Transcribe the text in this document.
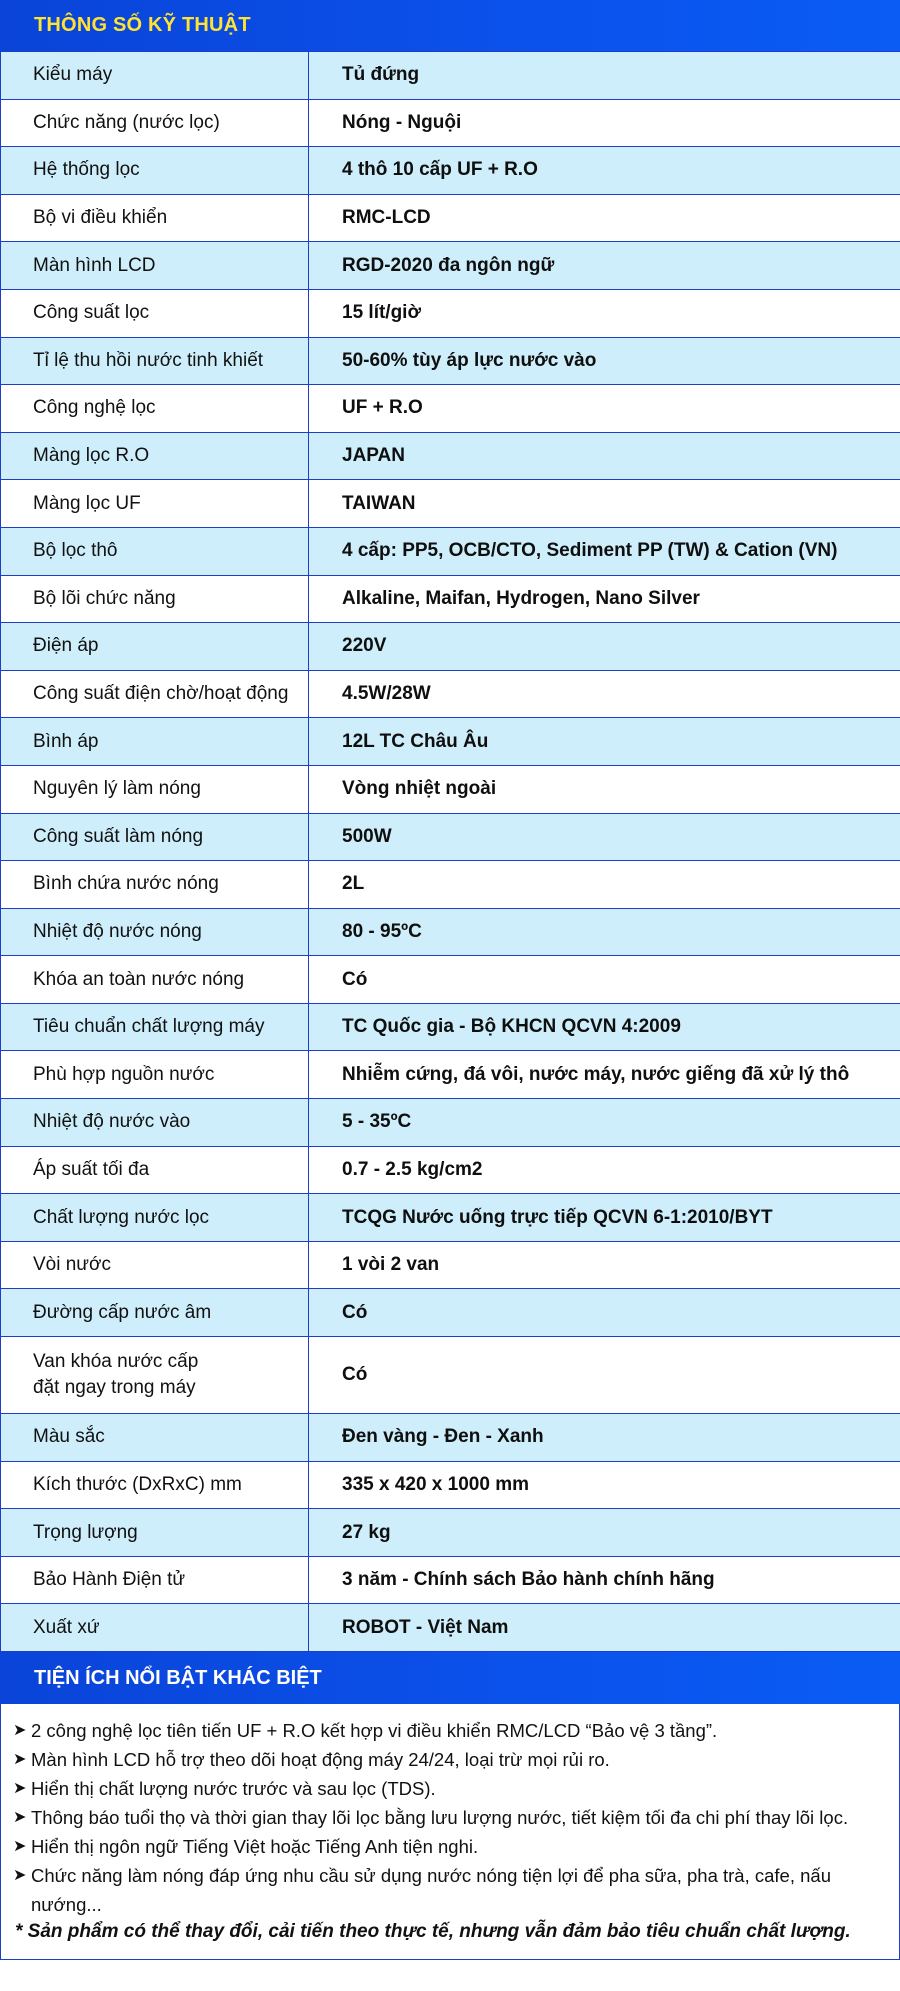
THÔNG SỐ KỸ THUẬT
Kiểu máy	Tủ đứng
Chức năng (nước lọc)	Nóng - Nguội
Hệ thống lọc	4 thô 10 cấp UF + R.O
Bộ vi điều khiển	RMC-LCD
Màn hình LCD	RGD-2020 đa ngôn ngữ
Công suất lọc	15 lít/giờ
Tỉ lệ thu hồi nước tinh khiết	50-60% tùy áp lực nước vào
Công nghệ lọc	UF + R.O
Màng lọc R.O	JAPAN
Màng lọc UF	TAIWAN
Bộ lọc thô	4 cấp: PP5, OCB/CTO, Sediment PP (TW) & Cation (VN)
Bộ lõi chức năng	Alkaline, Maifan, Hydrogen, Nano Silver
Điện áp	220V
Công suất điện chờ/hoạt động	4.5W/28W
Bình áp	12L TC Châu Âu
Nguyên lý làm nóng	Vòng nhiệt ngoài
Công suất làm nóng	500W
Bình chứa nước nóng	2L
Nhiệt độ nước nóng	80 - 95ºC
Khóa an toàn nước nóng	Có
Tiêu chuẩn chất lượng máy	TC Quốc gia - Bộ KHCN QCVN 4:2009
Phù hợp nguồn nước	Nhiễm cứng, đá vôi, nước máy, nước giếng đã xử lý thô
Nhiệt độ nước vào	5 - 35ºC
Áp suất tối đa	0.7 - 2.5 kg/cm2
Chất lượng nước lọc	TCQG Nước uống trực tiếp QCVN 6-1:2010/BYT
Vòi nước	1 vòi 2 van
Đường cấp nước âm	Có
Van khóa nước cấp
đặt ngay trong máy	Có
Màu sắc	Đen vàng - Đen - Xanh
Kích thước (DxRxC) mm	335 x 420 x 1000 mm
Trọng lượng	27 kg
Bảo Hành Điện tử	3 năm - Chính sách Bảo hành chính hãng
Xuất xứ	ROBOT - Việt Nam
TIỆN ÍCH NỔI BẬT KHÁC BIỆT
➤ 2 công nghệ lọc tiên tiến UF + R.O kết hợp vi điều khiển RMC/LCD “Bảo vệ 3 tầng”.
➤ Màn hình LCD hỗ trợ theo dõi hoạt động máy 24/24, loại trừ mọi rủi ro.
➤ Hiển thị chất lượng nước trước và sau lọc (TDS).
➤ Thông báo tuổi thọ và thời gian thay lõi lọc bằng lưu lượng nước, tiết kiệm tối đa chi phí thay lõi lọc.
➤ Hiển thị ngôn ngữ Tiếng Việt hoặc Tiếng Anh tiện nghi.
➤ Chức năng làm nóng đáp ứng nhu cầu sử dụng nước nóng tiện lợi để pha sữa, pha trà, cafe, nấu nướng...
* Sản phẩm có thể thay đổi, cải tiến theo thực tế, nhưng vẫn đảm bảo tiêu chuẩn chất lượng.
